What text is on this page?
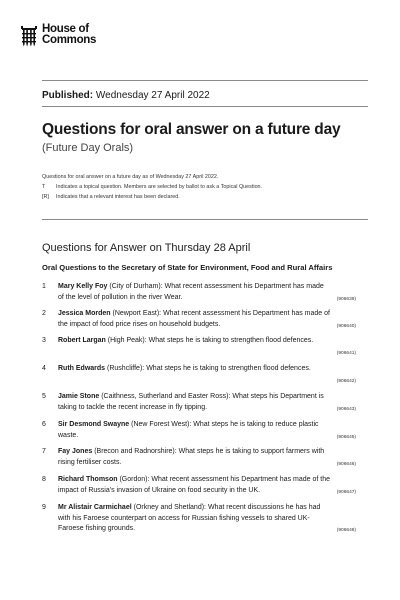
House of
Commons
Published: Wednesday 27 April 2022
Questions for oral answer on a future day
(Future Day Orals)
Questions for oral answer on a future day as of Wednesday 27 April 2022.
T	Indicates a topical question. Members are selected by ballot to ask a Topical Question.
[R]	Indicates that a relevant interest has been declared.
Questions for Answer on Thursday 28 April
Oral Questions to the Secretary of State for Environment, Food and Rural Affairs
1 Mary Kelly Foy (City of Durham): What recent assessment his Department has made of the level of pollution in the river Wear.	(906639)
2 Jessica Morden (Newport East): What recent assessment his Department has made of the impact of food price rises on household budgets.	(906640)
3 Robert Largan (High Peak): What steps he is taking to strengthen flood defences.
(906641)
4 Ruth Edwards (Rushcliffe): What steps he is taking to strengthen flood defences.
(906642)
5 Jamie Stone (Caithness, Sutherland and Easter Ross): What steps his Department is taking to tackle the recent increase in fly tipping.	(906643)
6 Sir Desmond Swayne (New Forest West): What steps he is taking to reduce plastic waste.	(906645)
7 Fay Jones (Brecon and Radnorshire): What steps he is taking to support farmers with rising fertiliser costs.	(906646)
8 Richard Thomson (Gordon): What recent assessment his Department has made of the impact of Russia's invasion of Ukraine on food security in the UK.	(906647)
9 Mr Alistair Carmichael (Orkney and Shetland): What recent discussions he has had with his Faroese counterpart on access for Russian fishing vessels to shared UK-Faroese fishing grounds.	(906648)
